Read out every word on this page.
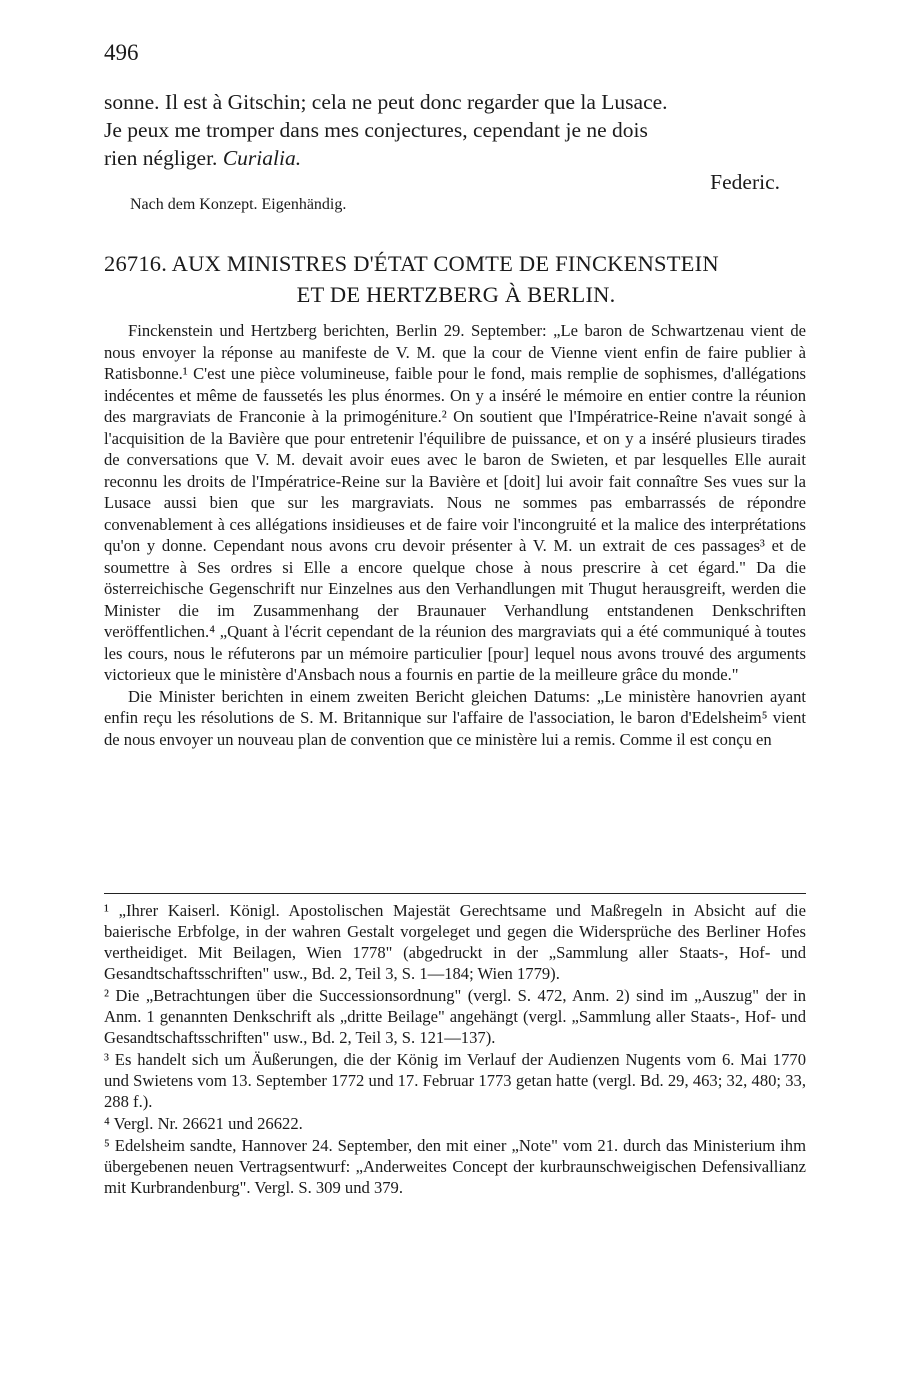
496

sonne. Il est à Gitschin; cela ne peut donc regarder que la Lusace.

Je peux me tromper dans mes conjectures, cependant je ne dois

rien négliger. Curialia.

Federic.
Nach dem Konzept. Eigenhändig.
26716. AUX MINISTRES D'ÉTAT COMTE DE FINCKENSTEIN
ET DE HERTZBERG À BERLIN.

Finckenstein und Hertzberg berichten, Berlin 29. September: „Le baron de Schwartzenau vient de nous envoyer la réponse au manifeste de V. M. que la cour de Vienne vient enfin de faire publier à Ratisbonne.¹ C'est une pièce volumineuse, faible pour le fond, mais remplie de sophismes, d'allégations indécentes et même de faussetés les plus énormes. On y a inséré le mémoire en entier contre la réunion des margraviats de Franconie à la primogéniture.² On soutient que l'Impératrice-Reine n'avait songé à l'acquisition de la Bavière que pour entretenir l'équilibre de puissance, et on y a inséré plusieurs tirades de conversations que V. M. devait avoir eues avec le baron de Swieten, et par lesquelles Elle aurait reconnu les droits de l'Impératrice-Reine sur la Bavière et [doit] lui avoir fait connaître Ses vues sur la Lusace aussi bien que sur les margraviats. Nous ne sommes pas embarrassés de répondre convenablement à ces allégations insidieuses et de faire voir l'incongruité et la malice des interprétations qu'on y donne. Cependant nous avons cru devoir présenter à V. M. un extrait de ces passages³ et de soumettre à Ses ordres si Elle a encore quelque chose à nous prescrire à cet égard." Da die österreichische Gegenschrift nur Einzelnes aus den Verhandlungen mit Thugut herausgreift, werden die Minister die im Zusammenhang der Braunauer Verhandlung entstandenen Denkschriften veröffentlichen.⁴ „Quant à l'écrit cependant de la réunion des margraviats qui a été communiqué à toutes les cours, nous le réfuterons par un mémoire particulier [pour] lequel nous avons trouvé des arguments victorieux que le ministère d'Ansbach nous a fournis en partie de la meilleure grâce du monde."

Die Minister berichten in einem zweiten Bericht gleichen Datums: „Le ministère hanovrien ayant enfin reçu les résolutions de S. M. Britannique sur l'affaire de l'association, le baron d'Edelsheim⁵ vient de nous envoyer un nouveau plan de convention que ce ministère lui a remis. Comme il est conçu en

¹ „Ihrer Kaiserl. Königl. Apostolischen Majestät Gerechtsame und Maßregeln in Absicht auf die baierische Erbfolge, in der wahren Gestalt vorgeleget und gegen die Widersprüche des Berliner Hofes vertheidiget. Mit Beilagen, Wien 1778" (abgedruckt in der „Sammlung aller Staats-, Hof- und Gesandtschaftsschriften" usw., Bd. 2, Teil 3, S. 1—184; Wien 1779).

² Die „Betrachtungen über die Successionsordnung" (vergl. S. 472, Anm. 2) sind im „Auszug" der in Anm. 1 genannten Denkschrift als „dritte Beilage" angehängt (vergl. „Sammlung aller Staats-, Hof- und Gesandtschaftsschriften" usw., Bd. 2, Teil 3, S. 121—137).

³ Es handelt sich um Äußerungen, die der König im Verlauf der Audienzen Nugents vom 6. Mai 1770 und Swietens vom 13. September 1772 und 17. Februar 1773 getan hatte (vergl. Bd. 29, 463; 32, 480; 33, 288 f.).

⁴ Vergl. Nr. 26621 und 26622.

⁵ Edelsheim sandte, Hannover 24. September, den mit einer „Note" vom 21. durch das Ministerium ihm übergebenen neuen Vertragsentwurf: „Anderweites Concept der kurbraunschweigischen Defensivallianz mit Kurbrandenburg". Vergl. S. 309 und 379.
